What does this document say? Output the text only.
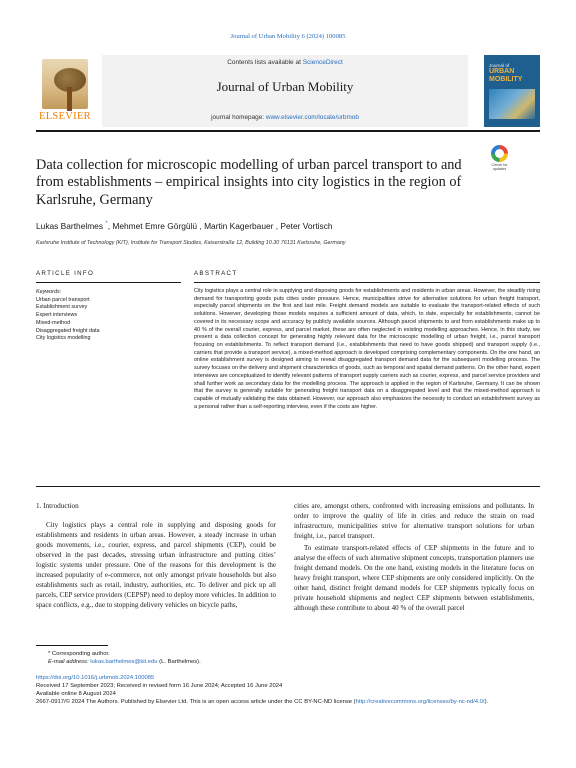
Journal of Urban Mobility 6 (2024) 100085
ELSEVIER
Contents lists available at ScienceDirect
Journal of Urban Mobility
journal homepage: www.elsevier.com/locate/urbmob
Journal of
URBAN
MOBILITY
Data collection for microscopic modelling of urban parcel transport to and from establishments – empirical insights into city logistics in the region of Karlsruhe, Germany
Check for updates
Lukas Barthelmes *, Mehmet Emre Görgülü , Martin Kagerbauer , Peter Vortisch
Karlsruhe Institute of Technology (KIT), Institute for Transport Studies, Kaiserstraße 12, Building 10.30 76131 Karlsruhe, Germany
ARTICLE INFO	ABSTRACT
Keywords:
Urban parcel transport
Establishment survey
Expert interviews
Mixed-method
Disaggregated freight data
City logistics modelling
City logistics plays a central role in supplying and disposing goods for establishments and residents in urban areas. However, the steadily rising demand for transporting goods puts cities under pressure. Hence, municipalities strive for alternative solutions for urban freight transport, especially parcel shipments on the first and last mile. Freight demand models are suitable to evaluate the transport-related effects of such solutions. However, developing those models requires a sufficient amount of data, which, to date, especially for establishments, cannot be covered in its necessary scope and accuracy by publicly available sources. Although parcel shipments to and from establishments make up to 40 % of the overall courier, express, and parcel market, these are often neglected in existing modelling approaches. Hence, in this study, we present a data collection concept for generating highly relevant data for the microscopic modelling of urban freight, i.e., parcel transport focusing on establishments. To reflect transport demand (i.e., establishments that need to have goods shipped) and transport supply (i.e., carriers that provide a transport service), a mixed-method approach is developed comprising complementary components. On the one hand, an online establishment survey is designed aiming to reveal disaggregated transport demand data for the subsequent modelling process. The survey focuses on the delivery and shipment characteristics of goods, such as temporal and spatial demand patterns. On the other hand, expert interviews are conceptualized to identify relevant patterns of transport supply carriers such as courier, express, and parcel service providers and shall further work as secondary data for the modelling process. The approach is applied in the region of Karlsruhe, Germany. It can be shown that the survey is generally suitable for generating freight transport data on a disaggregated level and that the mixed-method approach is capable of mutually validating the data obtained. However, our approach also emphasizes the necessity to conduct an establishment survey as a personal rather than a self-reporting interview, even if the costs are higher.
1. Introduction

City logistics plays a central role in supplying and disposing goods for establishments and residents in urban areas. However, a steady increase in urban goods movements, i.e., courier, express, and parcel shipments (CEP), could be observed in the past decades, stressing urban infrastructure and putting cities’ logistic systems under pressure. One of the reasons for this development is the increased popularity of e-commerce, not only amongst private households but also establishments such as retail, industry, authorities, etc. To deliver and pick up all parcels, CEP service providers (CEPSP) need to deploy more vehicles. In addition to space conflicts, e.g., due to stopping delivery vehicles on bicycle paths,

cities are, amongst others, confronted with increasing emissions and pollutants. In order to improve the quality of life in cities and reduce the strain on road infrastructure, municipalities strive for alternative transport solutions for urban freight, i.e., parcel transport.

To estimate transport-related effects of CEP shipments in the future and to analyse the effects of such alternative shipment concepts, transportation planners use freight demand models. On the one hand, existing models in the literature focus on heavy freight transport, where CEP shipments are only considered implicitly. On the other hand, distinct freight demand models for CEP shipments typically focus on private household shipments and neglect CEP shipments between establishments, although these contribute to about 40 % of the overall parcel

* Corresponding author.
E-mail address: lukas.barthelmes@kit.edu (L. Barthelmes).
https://doi.org/10.1016/j.urbmob.2024.100085
Received 17 September 2023; Received in revised form 16 June 2024; Accepted 16 June 2024
Available online 8 August 2024
2667-0917/© 2024 The Authors. Published by Elsevier Ltd. This is an open access article under the CC BY-NC-ND license (http://creativecommons.org/licenses/by-nc-nd/4.0/).
